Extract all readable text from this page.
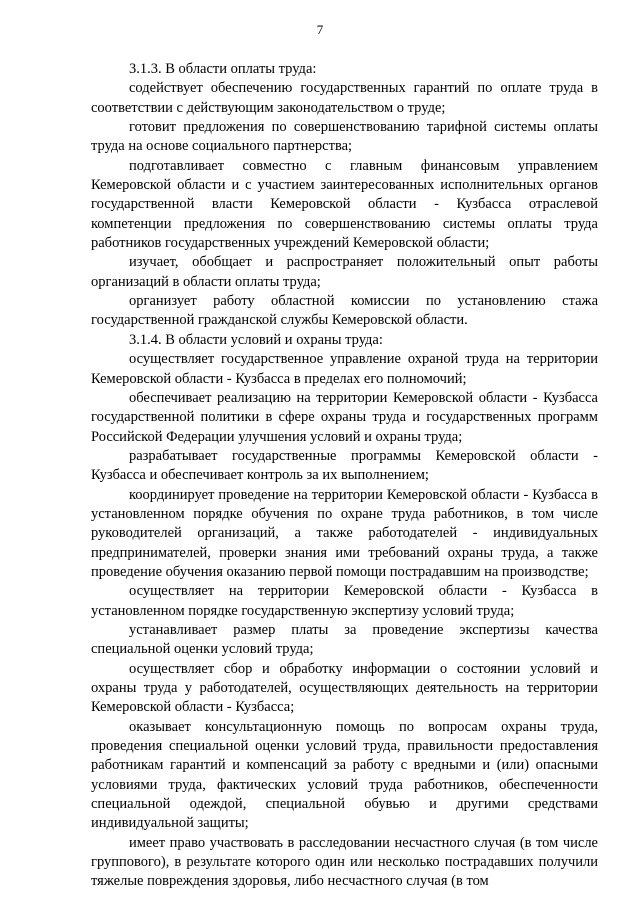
7

3.1.3. В области оплаты труда:

содействует обеспечению государственных гарантий по оплате труда в соответствии с действующим законодательством о труде;

готовит предложения по совершенствованию тарифной системы оплаты труда на основе социального партнерства;

подготавливает совместно с главным финансовым управлением Кемеровской области и с участием заинтересованных исполнительных органов государственной власти Кемеровской области - Кузбасса отраслевой компетенции предложения по совершенствованию системы оплаты труда работников государственных учреждений Кемеровской области;

изучает, обобщает и распространяет положительный опыт работы организаций в области оплаты труда;

организует работу областной комиссии по установлению стажа государственной гражданской службы Кемеровской области.

3.1.4. В области условий и охраны труда:

осуществляет государственное управление охраной труда на территории Кемеровской области - Кузбасса в пределах его полномочий;

обеспечивает реализацию на территории Кемеровской области - Кузбасса государственной политики в сфере охраны труда и государственных программ Российской Федерации улучшения условий и охраны труда;

разрабатывает государственные программы Кемеровской области - Кузбасса и обеспечивает контроль за их выполнением;

координирует проведение на территории Кемеровской области - Кузбасса в установленном порядке обучения по охране труда работников, в том числе руководителей организаций, а также работодателей - индивидуальных предпринимателей, проверки знания ими требований охраны труда, а также проведение обучения оказанию первой помощи пострадавшим на производстве;

осуществляет на территории Кемеровской области - Кузбасса в установленном порядке государственную экспертизу условий труда;

устанавливает размер платы за проведение экспертизы качества специальной оценки условий труда;

осуществляет сбор и обработку информации о состоянии условий и охраны труда у работодателей, осуществляющих деятельность на территории Кемеровской области - Кузбасса;

оказывает консультационную помощь по вопросам охраны труда, проведения специальной оценки условий труда, правильности предоставления работникам гарантий и компенсаций за работу с вредными и (или) опасными условиями труда, фактических условий труда работников, обеспеченности специальной одеждой, специальной обувью и другими средствами индивидуальной защиты;

имеет право участвовать в расследовании несчастного случая (в том числе группового), в результате которого один или несколько пострадавших получили тяжелые повреждения здоровья, либо несчастного случая (в том
